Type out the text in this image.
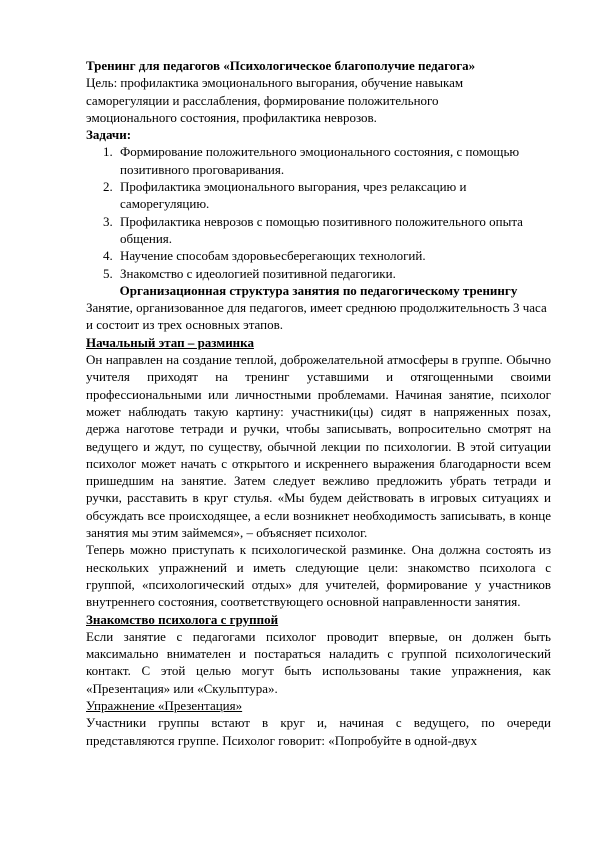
Тренинг для педагогов «Психологическое благополучие педагога»

Цель: профилактика эмоционального выгорания, обучение навыкам саморегуляции и расслабления, формирование положительного эмоционального состояния, профилактика неврозов.

Задачи:

1. Формирование положительного эмоционального состояния, с помощью позитивного проговаривания.
2. Профилактика эмоционального выгорания, чрез релаксацию и саморегуляцию.
3. Профилактика неврозов с помощью позитивного положительного опыта общения.
4. Научение способам здоровьесберегающих технологий.
5. Знакомство с идеологией позитивной педагогики.

Организационная структура занятия по педагогическому тренингу

Занятие, организованное для педагогов, имеет среднюю продолжительность 3 часа и состоит из трех основных этапов.

Начальный этап – разминка

Он направлен на создание теплой, доброжелательной атмосферы в группе. Обычно учителя приходят на тренинг уставшими и отягощенными своими профессиональными или личностными проблемами. Начиная занятие, психолог может наблюдать такую картину: участники(цы) сидят в напряженных позах, держа наготове тетради и ручки, чтобы записывать, вопросительно смотрят на ведущего и ждут, по существу, обычной лекции по психологии. В этой ситуации психолог может начать с открытого и искреннего выражения благодарности всем пришедшим на занятие. Затем следует вежливо предложить убрать тетради и ручки, расставить в круг стулья. «Мы будем действовать в игровых ситуациях и обсуждать все происходящее, а если возникнет необходимость записывать, в конце занятия мы этим займемся», – объясняет психолог.

Теперь можно приступать к психологической разминке. Она должна состоять из нескольких упражнений и иметь следующие цели: знакомство психолога с группой, «психологический отдых» для учителей, формирование у участников внутреннего состояния, соответствующего основной направленности занятия.

Знакомство психолога с группой

Если занятие с педагогами психолог проводит впервые, он должен быть максимально внимателен и постараться наладить с группой психологический контакт. С этой целью могут быть использованы такие упражнения, как «Презентация» или «Скульптура».

Упражнение «Презентация»

Участники группы встают в круг и, начиная с ведущего, по очереди представляются группе. Психолог говорит: «Попробуйте в одной-двух
